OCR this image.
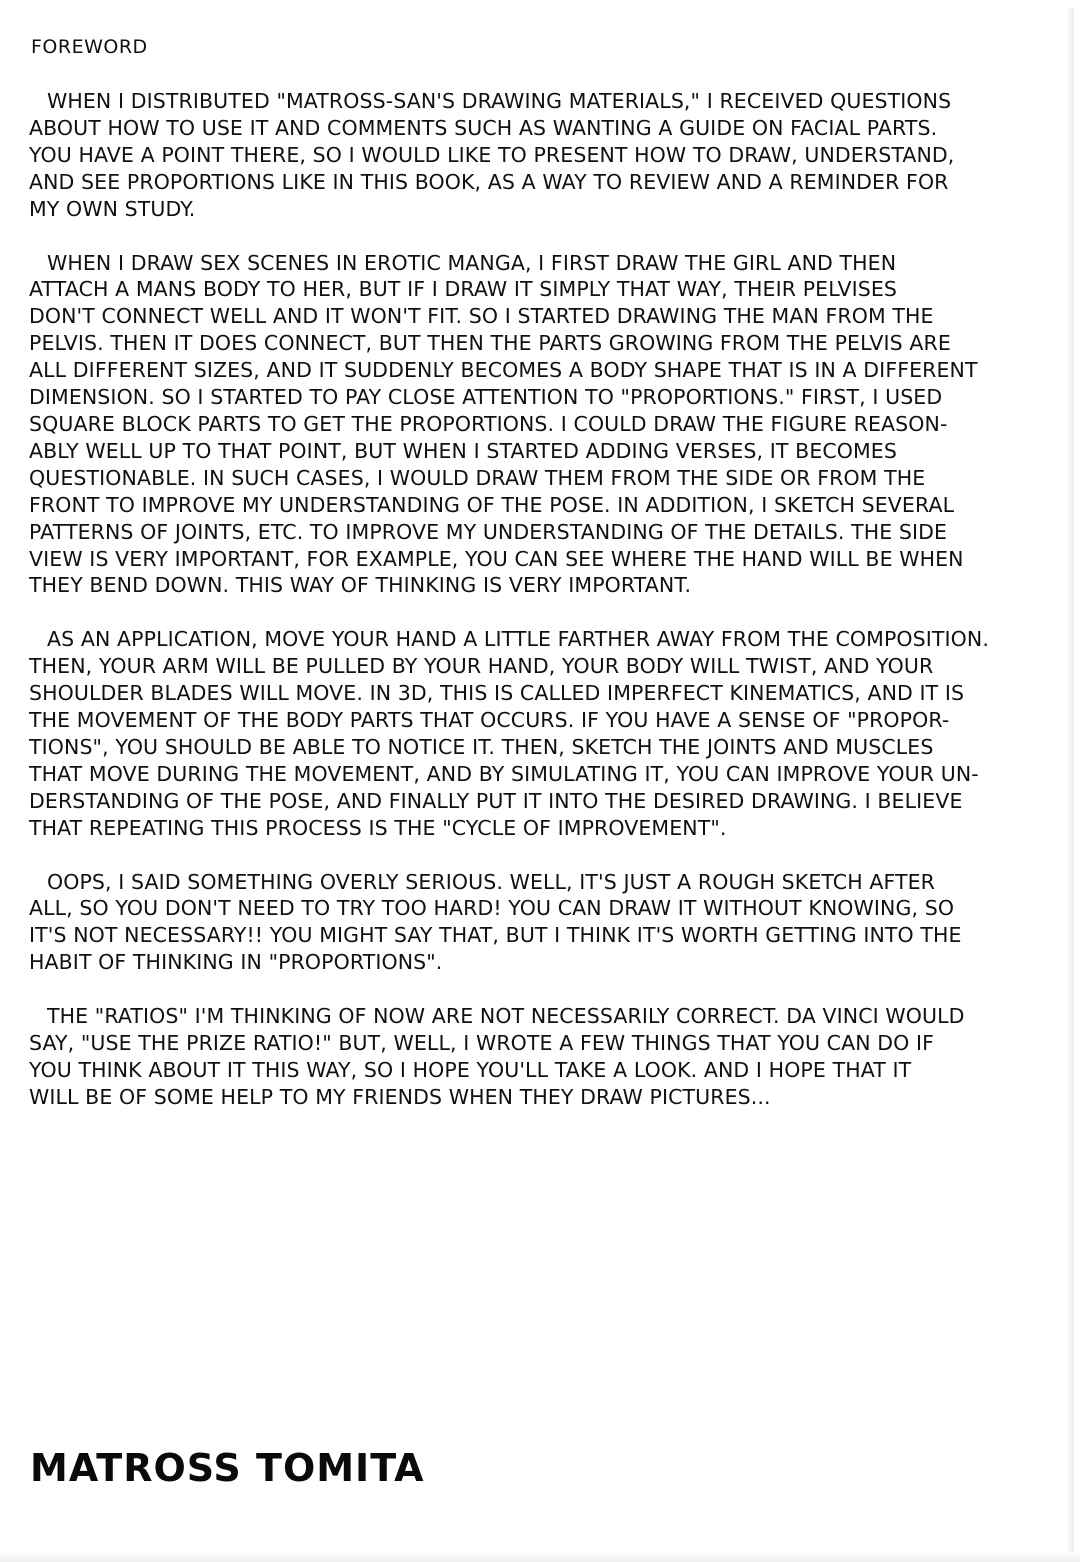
FOREWORD
WHEN I DISTRIBUTED "MATROSS-SAN'S DRAWING MATERIALS," I RECEIVED QUESTIONS
ABOUT HOW TO USE IT AND COMMENTS SUCH AS WANTING A GUIDE ON FACIAL PARTS.
YOU HAVE A POINT THERE, SO I WOULD LIKE TO PRESENT HOW TO DRAW, UNDERSTAND,
AND SEE PROPORTIONS LIKE IN THIS BOOK, AS A WAY TO REVIEW AND A REMINDER FOR
MY OWN STUDY.
WHEN I DRAW SEX SCENES IN EROTIC MANGA, I FIRST DRAW THE GIRL AND THEN
ATTACH A MANS BODY TO HER, BUT IF I DRAW IT SIMPLY THAT WAY, THEIR PELVISES
DON'T CONNECT WELL AND IT WON'T FIT. SO I STARTED DRAWING THE MAN FROM THE
PELVIS. THEN IT DOES CONNECT, BUT THEN THE PARTS GROWING FROM THE PELVIS ARE
ALL DIFFERENT SIZES, AND IT SUDDENLY BECOMES A BODY SHAPE THAT IS IN A DIFFERENT
DIMENSION. SO I STARTED TO PAY CLOSE ATTENTION TO "PROPORTIONS." FIRST, I USED
SQUARE BLOCK PARTS TO GET THE PROPORTIONS. I COULD DRAW THE FIGURE REASON-
ABLY WELL UP TO THAT POINT, BUT WHEN I STARTED ADDING VERSES, IT BECOMES
QUESTIONABLE. IN SUCH CASES, I WOULD DRAW THEM FROM THE SIDE OR FROM THE
FRONT TO IMPROVE MY UNDERSTANDING OF THE POSE. IN ADDITION, I SKETCH SEVERAL
PATTERNS OF JOINTS, ETC. TO IMPROVE MY UNDERSTANDING OF THE DETAILS. THE SIDE
VIEW IS VERY IMPORTANT, FOR EXAMPLE, YOU CAN SEE WHERE THE HAND WILL BE WHEN
THEY BEND DOWN. THIS WAY OF THINKING IS VERY IMPORTANT.
AS AN APPLICATION, MOVE YOUR HAND A LITTLE FARTHER AWAY FROM THE COMPOSITION.
THEN, YOUR ARM WILL BE PULLED BY YOUR HAND, YOUR BODY WILL TWIST, AND YOUR
SHOULDER BLADES WILL MOVE. IN 3D, THIS IS CALLED IMPERFECT KINEMATICS, AND IT IS
THE MOVEMENT OF THE BODY PARTS THAT OCCURS. IF YOU HAVE A SENSE OF "PROPOR-
TIONS", YOU SHOULD BE ABLE TO NOTICE IT. THEN, SKETCH THE JOINTS AND MUSCLES
THAT MOVE DURING THE MOVEMENT, AND BY SIMULATING IT, YOU CAN IMPROVE YOUR UN-
DERSTANDING OF THE POSE, AND FINALLY PUT IT INTO THE DESIRED DRAWING. I BELIEVE
THAT REPEATING THIS PROCESS IS THE "CYCLE OF IMPROVEMENT".
OOPS, I SAID SOMETHING OVERLY SERIOUS. WELL, IT'S JUST A ROUGH SKETCH AFTER
ALL, SO YOU DON'T NEED TO TRY TOO HARD! YOU CAN DRAW IT WITHOUT KNOWING, SO
IT'S NOT NECESSARY!! YOU MIGHT SAY THAT, BUT I THINK IT'S WORTH GETTING INTO THE
HABIT OF THINKING IN "PROPORTIONS".
THE "RATIOS" I'M THINKING OF NOW ARE NOT NECESSARILY CORRECT. DA VINCI WOULD
SAY, "USE THE PRIZE RATIO!" BUT, WELL, I WROTE A FEW THINGS THAT YOU CAN DO IF
YOU THINK ABOUT IT THIS WAY, SO I HOPE YOU'LL TAKE A LOOK. AND I HOPE THAT IT
WILL BE OF SOME HELP TO MY FRIENDS WHEN THEY DRAW PICTURES...
MATROSS TOMITA
